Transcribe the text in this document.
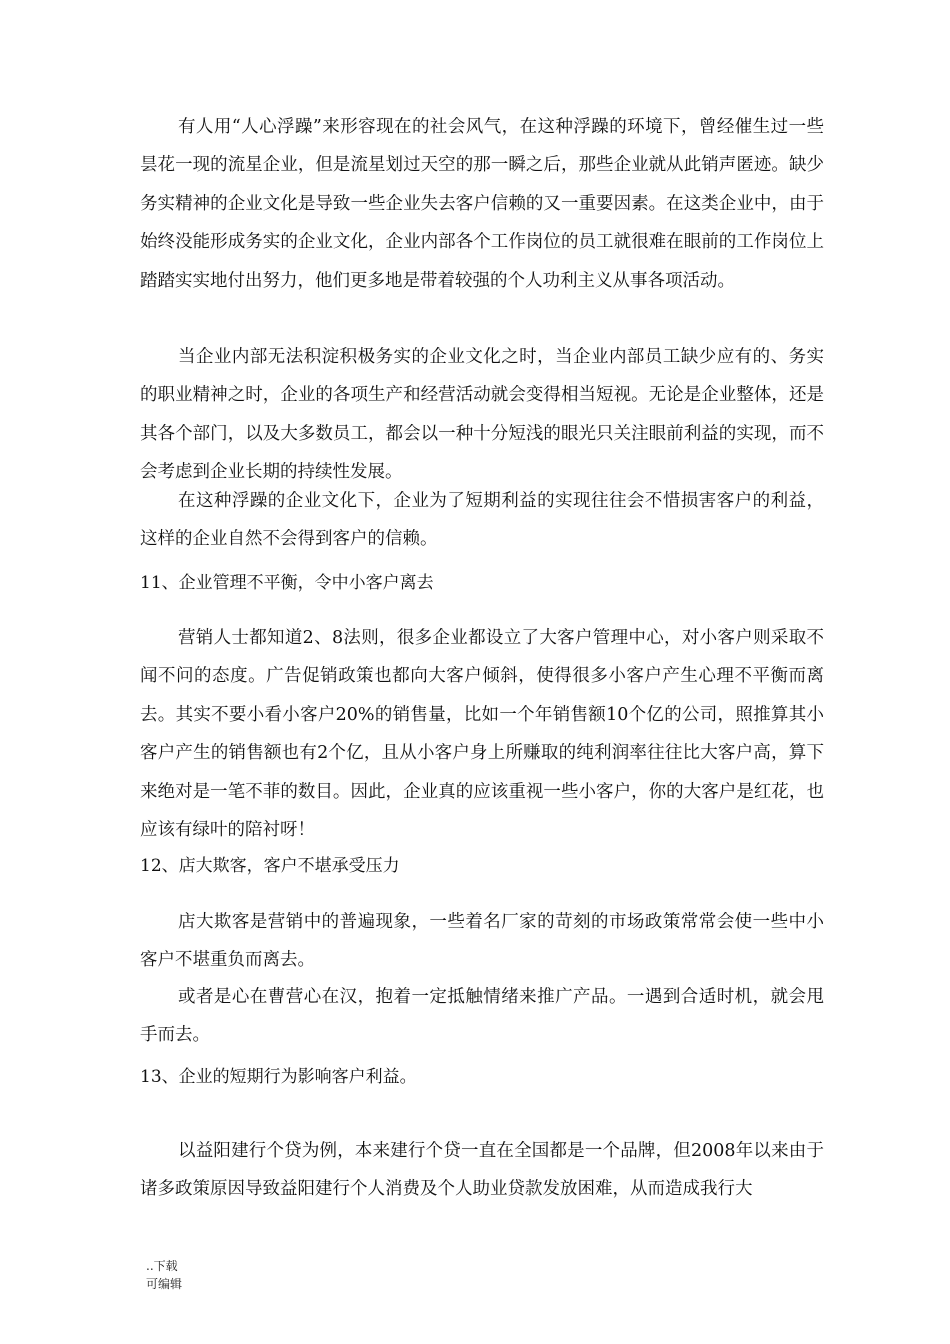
有人用“人心浮躁”来形容现在的社会风气，在这种浮躁的环境下，曾经催生过一些昙花一现的流星企业，但是流星划过天空的那一瞬之后，那些企业就从此销声匿迹。缺少务实精神的企业文化是导致一些企业失去客户信赖的又一重要因素。在这类企业中，由于始终没能形成务实的企业文化，企业内部各个工作岗位的员工就很难在眼前的工作岗位上踏踏实实地付出努力，他们更多地是带着较强的个人功利主义从事各项活动。

当企业内部无法积淀积极务实的企业文化之时，当企业内部员工缺少应有的、务实的职业精神之时，企业的各项生产和经营活动就会变得相当短视。无论是企业整体，还是其各个部门，以及大多数员工，都会以一种十分短浅的眼光只关注眼前利益的实现，而不会考虑到企业长期的持续性发展。

在这种浮躁的企业文化下，企业为了短期利益的实现往往会不惜损害客户的利益，这样的企业自然不会得到客户的信赖。

11、企业管理不平衡，令中小客户离去

营销人士都知道2、8法则，很多企业都设立了大客户管理中心，对小客户则采取不闻不问的态度。广告促销政策也都向大客户倾斜，使得很多小客户产生心理不平衡而离去。其实不要小看小客户20%的销售量，比如一个年销售额10个亿的公司，照推算其小客户产生的销售额也有2个亿，且从小客户身上所赚取的纯利润率往往比大客户高，算下来绝对是一笔不菲的数目。因此，企业真的应该重视一些小客户，你的大客户是红花，也应该有绿叶的陪衬呀！

12、店大欺客，客户不堪承受压力

店大欺客是营销中的普遍现象，一些着名厂家的苛刻的市场政策常常会使一些中小客户不堪重负而离去。

或者是心在曹营心在汉，抱着一定抵触情绪来推广产品。一遇到合适时机，就会甩手而去。

13、企业的短期行为影响客户利益。

以益阳建行个贷为例，本来建行个贷一直在全国都是一个品牌，但2008年以来由于诸多政策原因导致益阳建行个人消费及个人助业贷款发放困难，从而造成我行大

..下载
可编辑
